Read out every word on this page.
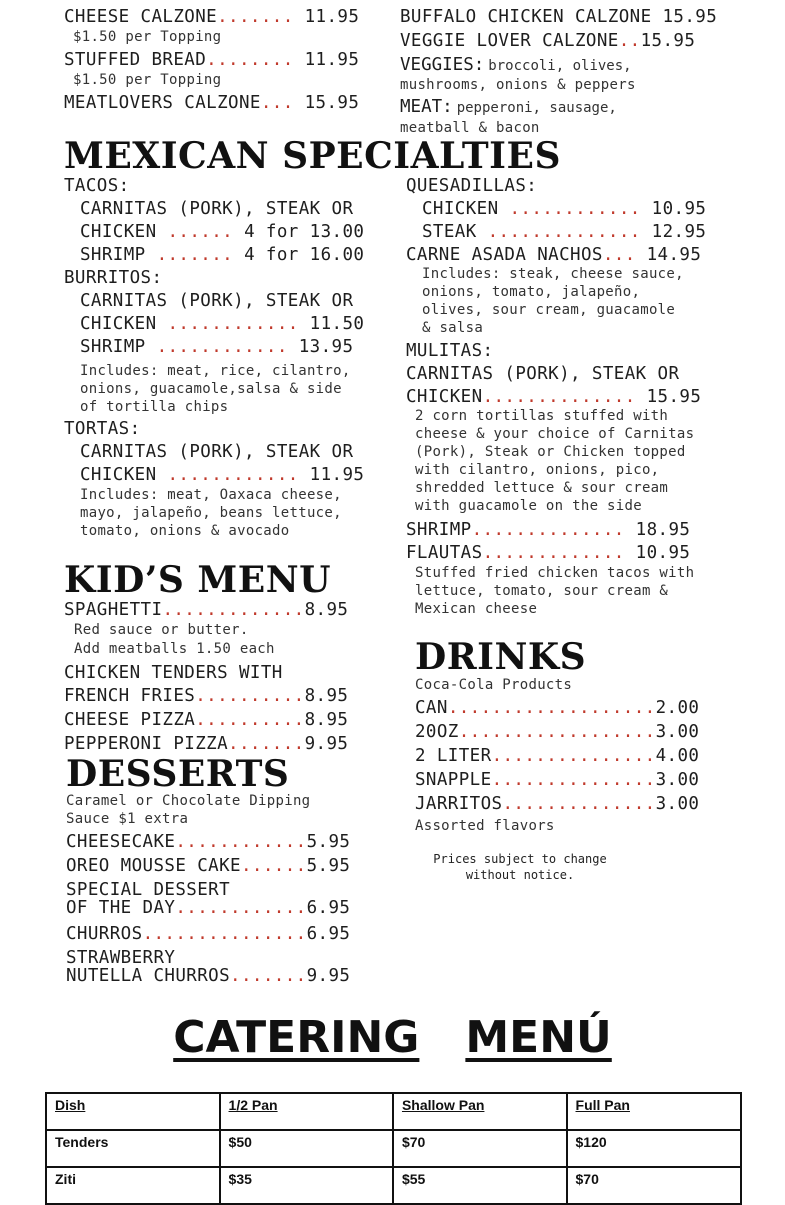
CHEESE CALZONE....... 11.95
$1.50 per Topping
STUFFED BREAD........ 11.95
$1.50 per Topping
MEATLOVERS CALZONE... 15.95
BUFFALO CHICKEN CALZONE 15.95
VEGGIE LOVER CALZONE..15.95
VEGGIES: broccoli, olives,
mushrooms, onions & peppers
MEAT: pepperoni, sausage,
meatball & bacon
MEXICAN SPECIALTIES
TACOS:
CARNITAS (PORK), STEAK OR
CHICKEN ...... 4 for 13.00
SHRIMP ....... 4 for 16.00
BURRITOS:
CARNITAS (PORK), STEAK OR
CHICKEN ............ 11.50
SHRIMP ............ 13.95
Includes: meat, rice, cilantro,
onions, guacamole,salsa & side
of tortilla chips
TORTAS:
CARNITAS (PORK), STEAK OR
CHICKEN ............ 11.95
Includes: meat, Oaxaca cheese,
mayo, jalapeño, beans lettuce,
tomato, onions & avocado
QUESADILLAS:
CHICKEN ............ 10.95
STEAK .............. 12.95
CARNE ASADA NACHOS... 14.95
Includes: steak, cheese sauce,
onions, tomato, jalapeño,
olives, sour cream, guacamole
& salsa
MULITAS:
CARNITAS (PORK), STEAK OR
CHICKEN.............. 15.95
2 corn tortillas stuffed with
cheese & your choice of Carnitas
(Pork), Steak or Chicken topped
with cilantro, onions, pico,
shredded lettuce & sour cream
with guacamole on the side
SHRIMP.............. 18.95
FLAUTAS............. 10.95
Stuffed fried chicken tacos with
lettuce, tomato, sour cream &
Mexican cheese
KID’S MENU
SPAGHETTI.............8.95
Red sauce or butter.
Add meatballs 1.50 each
CHICKEN TENDERS WITH
FRENCH FRIES..........8.95
CHEESE PIZZA..........8.95
PEPPERONI PIZZA.......9.95
DESSERTS
Caramel or Chocolate Dipping
Sauce $1 extra
CHEESECAKE............5.95
OREO MOUSSE CAKE......5.95
SPECIAL DESSERT
OF THE DAY............6.95
CHURROS...............6.95
STRAWBERRY
NUTELLA CHURROS.......9.95
DRINKS
Coca-Cola Products
CAN...................2.00
20OZ..................3.00
2 LITER...............4.00
SNAPPLE...............3.00
JARRITOS..............3.00
Assorted flavors
Prices subject to change
without notice.
CATERING MENÚ
Dish	1/2 Pan	Shallow Pan	Full Pan
Tenders	$50	$70	$120
Ziti	$35	$55	$70
